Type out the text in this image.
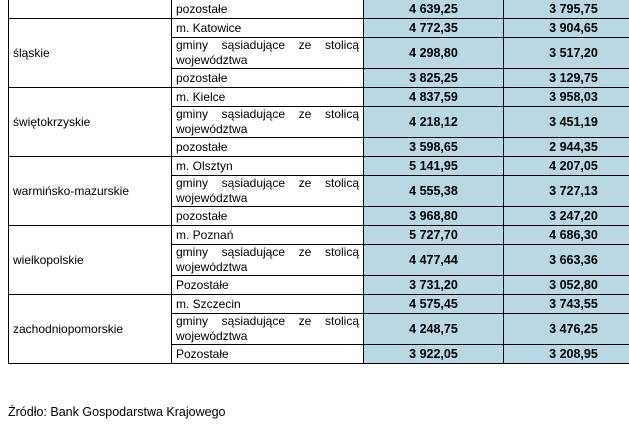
	pozostałe	4 639,25	3 795,75
śląskie	m. Katowice	4 772,35	3 904,65
	gminy sąsiadujące ze stolicą województwa	4 298,80	3 517,20
	pozostałe	3 825,25	3 129,75
świętokrzyskie	m. Kielce	4 837,59	3 958,03
	gminy sąsiadujące ze stolicą województwa	4 218,12	3 451,19
	pozostałe	3 598,65	2 944,35
warmińsko-mazurskie	m. Olsztyn	5 141,95	4 207,05
	gminy sąsiadujące ze stolicą województwa	4 555,38	3 727,13
	pozostałe	3 968,80	3 247,20
wielkopolskie	m. Poznań	5 727,70	4 686,30
	gminy sąsiadujące ze stolicą województwa	4 477,44	3 663,36
	Pozostałe	3 731,20	3 052,80
zachodniopomorskie	m. Szczecin	4 575,45	3 743,55
	gminy sąsiadujące ze stolicą województwa	4 248,75	3 476,25
	Pozostałe	3 922,05	3 208,95
Źródło: Bank Gospodarstwa Krajowego
